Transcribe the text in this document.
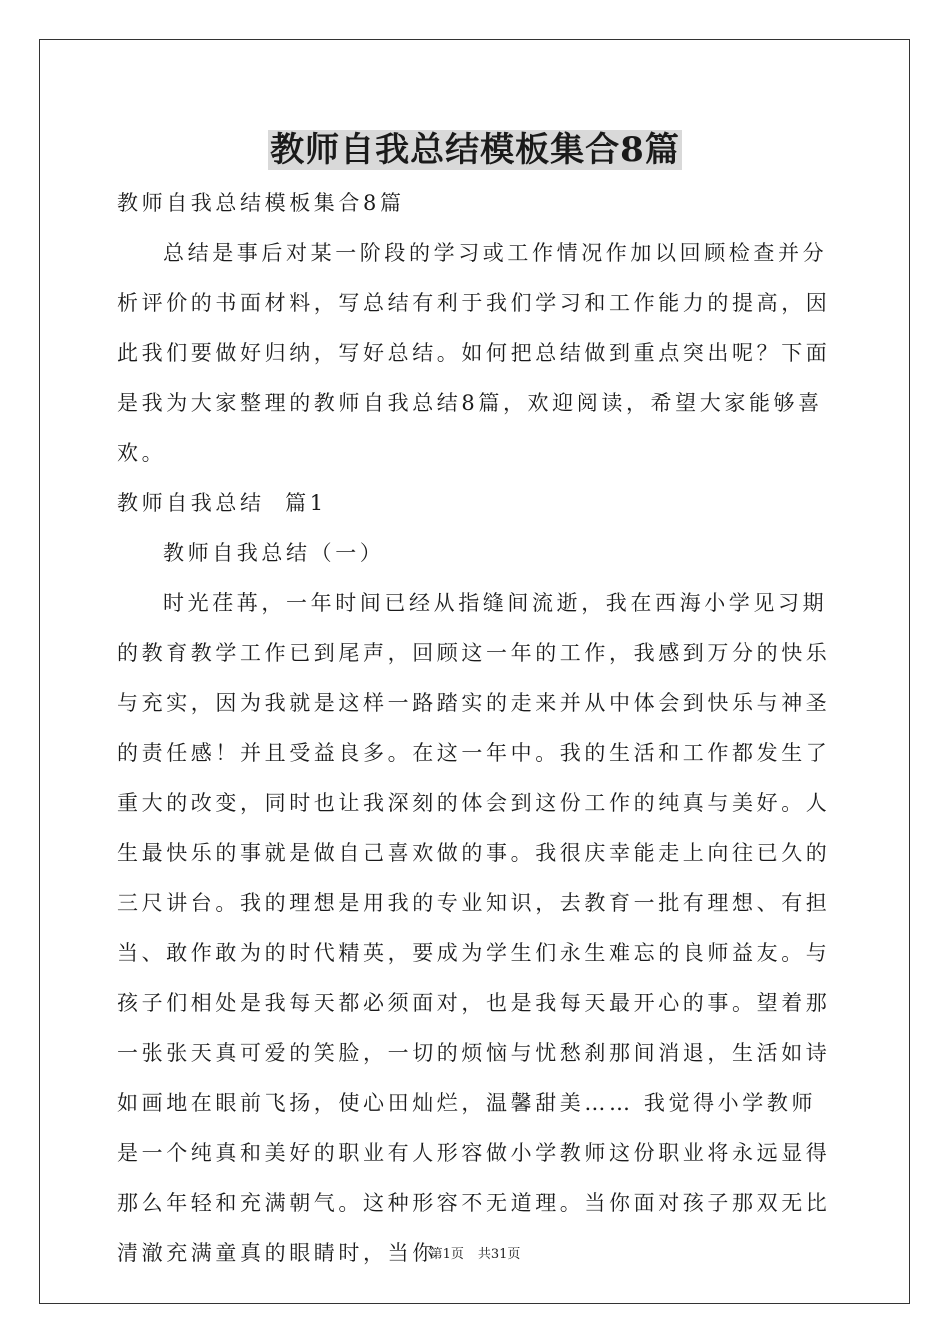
教师自我总结模板集合8篇

教师自我总结模板集合8篇

总结是事后对某一阶段的学习或工作情况作加以回顾检查并分析评价的书面材料，写总结有利于我们学习和工作能力的提高，因此我们要做好归纳，写好总结。如何把总结做到重点突出呢？下面是我为大家整理的教师自我总结8篇，欢迎阅读，希望大家能够喜欢。

教师自我总结  篇1

教师自我总结（一）

时光荏苒，一年时间已经从指缝间流逝，我在西海小学见习期的教育教学工作已到尾声，回顾这一年的工作，我感到万分的快乐与充实，因为我就是这样一路踏实的走来并从中体会到快乐与神圣的责任感！并且受益良多。在这一年中。我的生活和工作都发生了重大的改变，同时也让我深刻的体会到这份工作的纯真与美好。人生最快乐的事就是做自己喜欢做的事。我很庆幸能走上向往已久的三尺讲台。我的理想是用我的专业知识，去教育一批有理想、有担当、敢作敢为的时代精英，要成为学生们永生难忘的良师益友。与孩子们相处是我每天都必须面对，也是我每天最开心的事。望着那一张张天真可爱的笑脸，一切的烦恼与忧愁刹那间消退，生活如诗如画地在眼前飞扬，使心田灿烂，温馨甜美…… 我觉得小学教师是一个纯真和美好的职业有人形容做小学教师这份职业将永远显得那么年轻和充满朝气。这种形容不无道理。当你面对孩子那双无比清澈充满童真的眼睛时，当你

第1页 共31页
